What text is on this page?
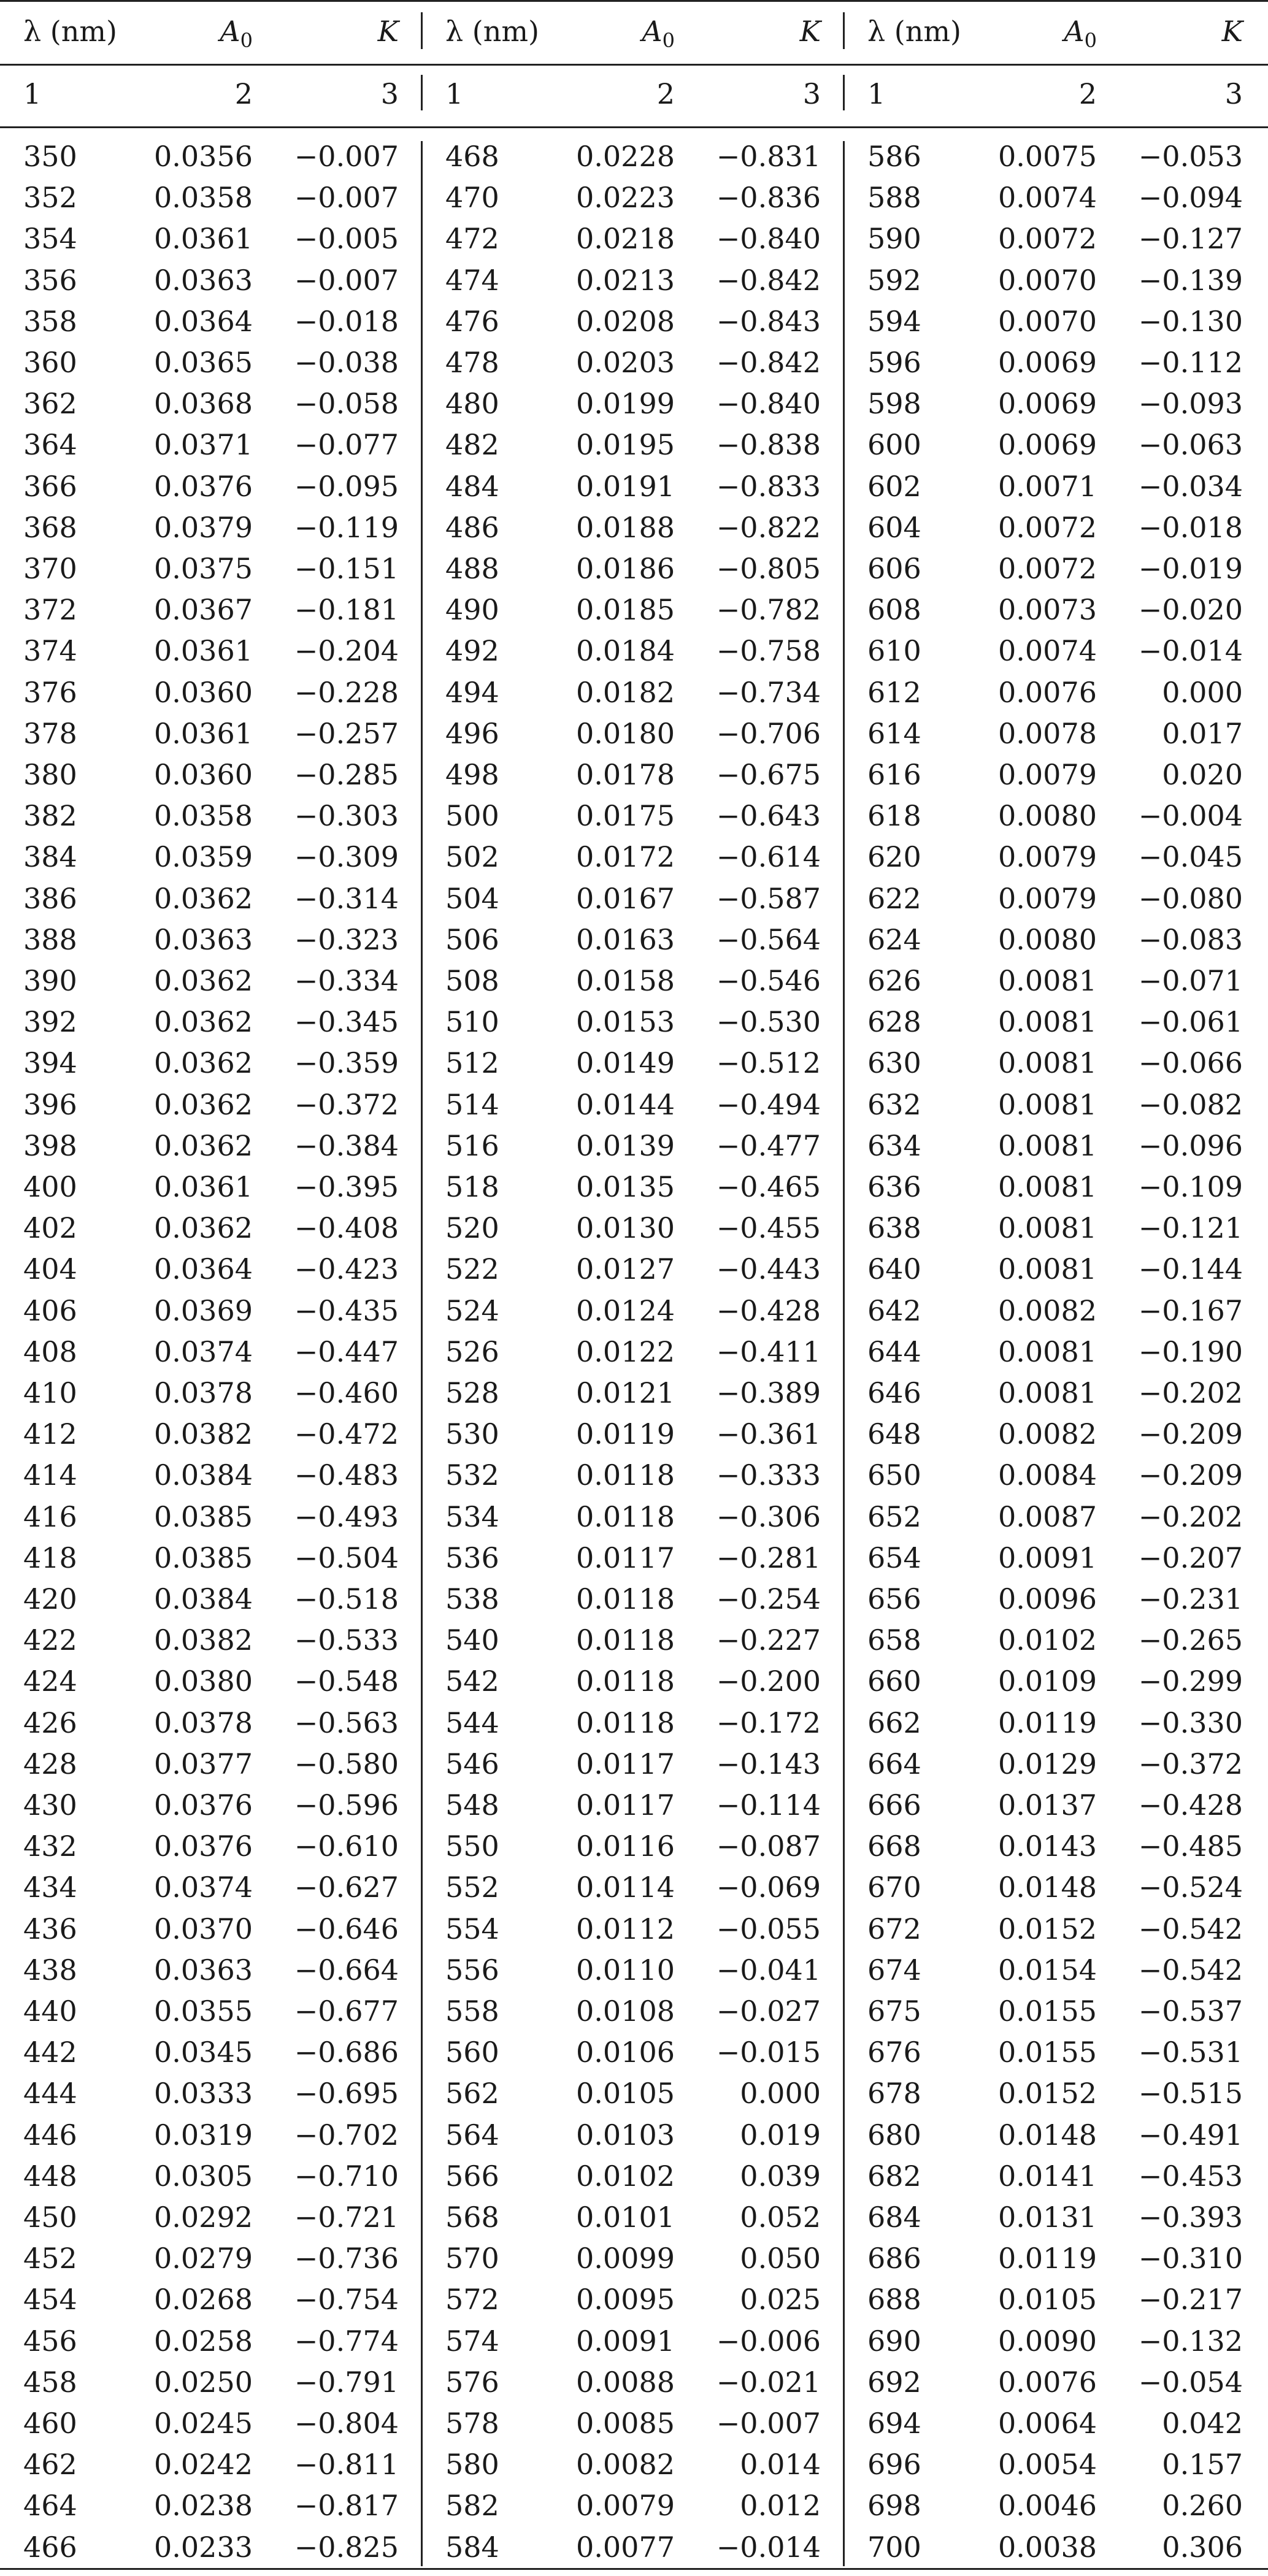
λ (nm)	$A_0$	K λ (nm)	$A_0$	K λ (nm)	$A_0$	K
1	2	3 1	2	3 1	2	3
350	0.0356	−0.007 468	0.0228	−0.831 586	0.0075	−0.053
352	0.0358	−0.007 470	0.0223	−0.836 588	0.0074	−0.094
354	0.0361	−0.005 472	0.0218	−0.840 590	0.0072	−0.127
356	0.0363	−0.007 474	0.0213	−0.842 592	0.0070	−0.139
358	0.0364	−0.018 476	0.0208	−0.843 594	0.0070	−0.130
360	0.0365	−0.038 478	0.0203	−0.842 596	0.0069	−0.112
362	0.0368	−0.058 480	0.0199	−0.840 598	0.0069	−0.093
364	0.0371	−0.077 482	0.0195	−0.838 600	0.0069	−0.063
366	0.0376	−0.095 484	0.0191	−0.833 602	0.0071	−0.034
368	0.0379	−0.119 486	0.0188	−0.822 604	0.0072	−0.018
370	0.0375	−0.151 488	0.0186	−0.805 606	0.0072	−0.019
372	0.0367	−0.181 490	0.0185	−0.782 608	0.0073	−0.020
374	0.0361	−0.204 492	0.0184	−0.758 610	0.0074	−0.014
376	0.0360	−0.228 494	0.0182	−0.734 612	0.0076	0.000
378	0.0361	−0.257 496	0.0180	−0.706 614	0.0078	0.017
380	0.0360	−0.285 498	0.0178	−0.675 616	0.0079	0.020
382	0.0358	−0.303 500	0.0175	−0.643 618	0.0080	−0.004
384	0.0359	−0.309 502	0.0172	−0.614 620	0.0079	−0.045
386	0.0362	−0.314 504	0.0167	−0.587 622	0.0079	−0.080
388	0.0363	−0.323 506	0.0163	−0.564 624	0.0080	−0.083
390	0.0362	−0.334 508	0.0158	−0.546 626	0.0081	−0.071
392	0.0362	−0.345 510	0.0153	−0.530 628	0.0081	−0.061
394	0.0362	−0.359 512	0.0149	−0.512 630	0.0081	−0.066
396	0.0362	−0.372 514	0.0144	−0.494 632	0.0081	−0.082
398	0.0362	−0.384 516	0.0139	−0.477 634	0.0081	−0.096
400	0.0361	−0.395 518	0.0135	−0.465 636	0.0081	−0.109
402	0.0362	−0.408 520	0.0130	−0.455 638	0.0081	−0.121
404	0.0364	−0.423 522	0.0127	−0.443 640	0.0081	−0.144
406	0.0369	−0.435 524	0.0124	−0.428 642	0.0082	−0.167
408	0.0374	−0.447 526	0.0122	−0.411 644	0.0081	−0.190
410	0.0378	−0.460 528	0.0121	−0.389 646	0.0081	−0.202
412	0.0382	−0.472 530	0.0119	−0.361 648	0.0082	−0.209
414	0.0384	−0.483 532	0.0118	−0.333 650	0.0084	−0.209
416	0.0385	−0.493 534	0.0118	−0.306 652	0.0087	−0.202
418	0.0385	−0.504 536	0.0117	−0.281 654	0.0091	−0.207
420	0.0384	−0.518 538	0.0118	−0.254 656	0.0096	−0.231
422	0.0382	−0.533 540	0.0118	−0.227 658	0.0102	−0.265
424	0.0380	−0.548 542	0.0118	−0.200 660	0.0109	−0.299
426	0.0378	−0.563 544	0.0118	−0.172 662	0.0119	−0.330
428	0.0377	−0.580 546	0.0117	−0.143 664	0.0129	−0.372
430	0.0376	−0.596 548	0.0117	−0.114 666	0.0137	−0.428
432	0.0376	−0.610 550	0.0116	−0.087 668	0.0143	−0.485
434	0.0374	−0.627 552	0.0114	−0.069 670	0.0148	−0.524
436	0.0370	−0.646 554	0.0112	−0.055 672	0.0152	−0.542
438	0.0363	−0.664 556	0.0110	−0.041 674	0.0154	−0.542
440	0.0355	−0.677 558	0.0108	−0.027 675	0.0155	−0.537
442	0.0345	−0.686 560	0.0106	−0.015 676	0.0155	−0.531
444	0.0333	−0.695 562	0.0105	0.000 678	0.0152	−0.515
446	0.0319	−0.702 564	0.0103	0.019 680	0.0148	−0.491
448	0.0305	−0.710 566	0.0102	0.039 682	0.0141	−0.453
450	0.0292	−0.721 568	0.0101	0.052 684	0.0131	−0.393
452	0.0279	−0.736 570	0.0099	0.050 686	0.0119	−0.310
454	0.0268	−0.754 572	0.0095	0.025 688	0.0105	−0.217
456	0.0258	−0.774 574	0.0091	−0.006 690	0.0090	−0.132
458	0.0250	−0.791 576	0.0088	−0.021 692	0.0076	−0.054
460	0.0245	−0.804 578	0.0085	−0.007 694	0.0064	0.042
462	0.0242	−0.811 580	0.0082	0.014 696	0.0054	0.157
464	0.0238	−0.817 582	0.0079	0.012 698	0.0046	0.260
466	0.0233	−0.825 584	0.0077	−0.014 700	0.0038	0.306
